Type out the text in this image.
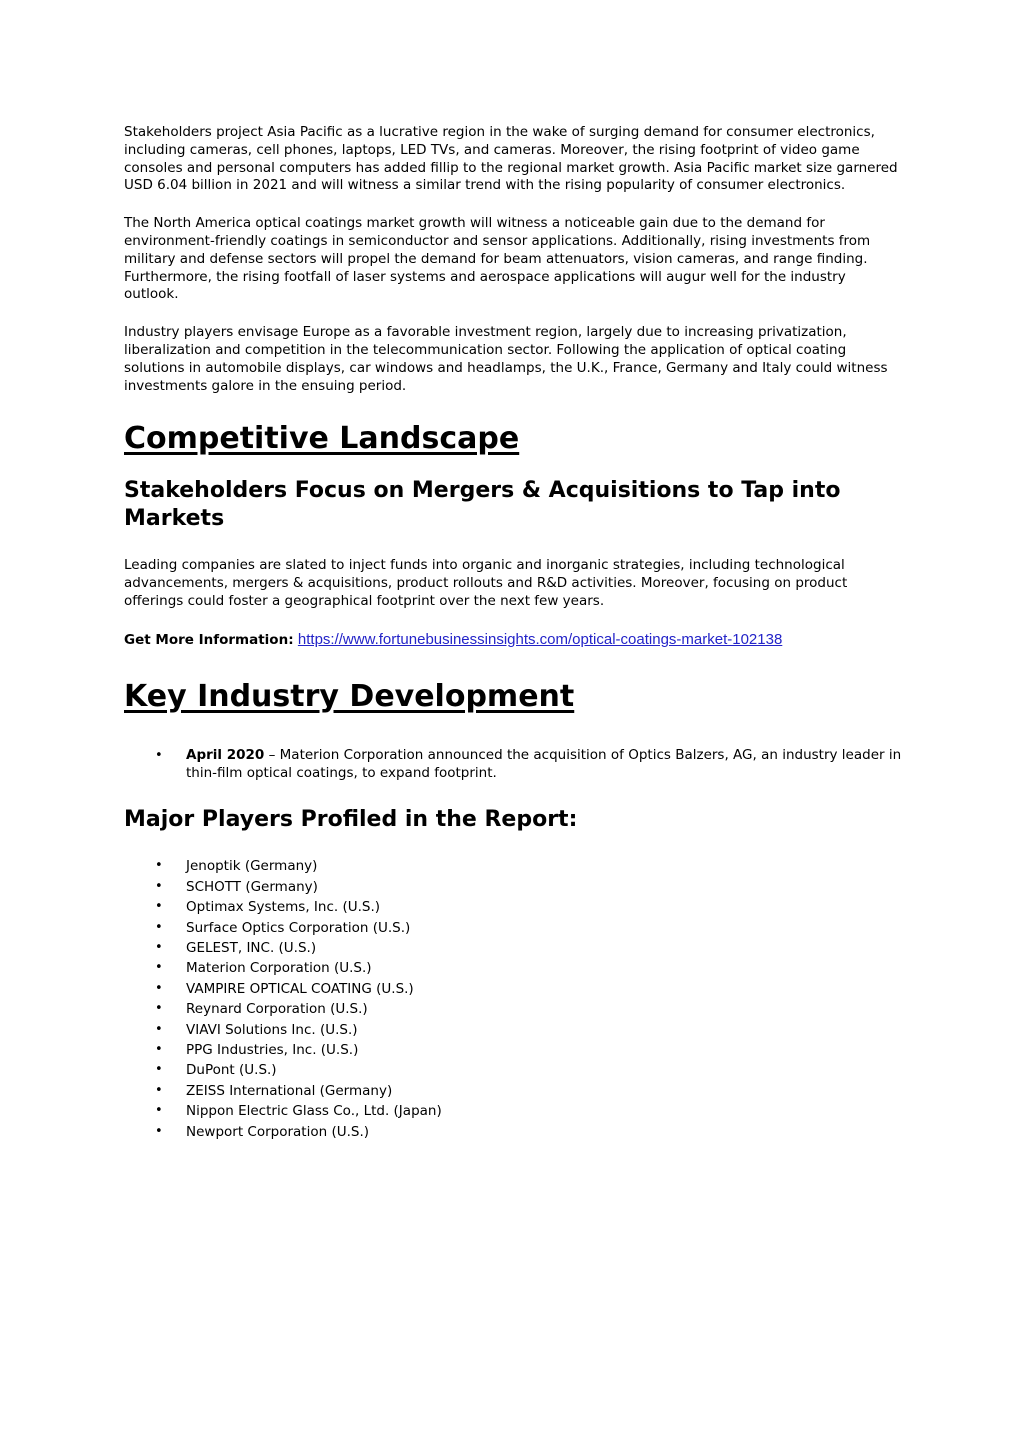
Stakeholders project Asia Pacific as a lucrative region in the wake of surging demand for consumer electronics, including cameras, cell phones, laptops, LED TVs, and cameras. Moreover, the rising footprint of video game consoles and personal computers has added fillip to the regional market growth. Asia Pacific market size garnered USD 6.04 billion in 2021 and will witness a similar trend with the rising popularity of consumer electronics.

The North America optical coatings market growth will witness a noticeable gain due to the demand for environment-friendly coatings in semiconductor and sensor applications. Additionally, rising investments from military and defense sectors will propel the demand for beam attenuators, vision cameras, and range finding. Furthermore, the rising footfall of laser systems and aerospace applications will augur well for the industry outlook.

Industry players envisage Europe as a favorable investment region, largely due to increasing privatization, liberalization and competition in the telecommunication sector. Following the application of optical coating solutions in automobile displays, car windows and headlamps, the U.K., France, Germany and Italy could witness investments galore in the ensuing period.

Competitive Landscape
Stakeholders Focus on Mergers & Acquisitions to Tap into Markets

Leading companies are slated to inject funds into organic and inorganic strategies, including technological advancements, mergers & acquisitions, product rollouts and R&D activities. Moreover, focusing on product offerings could foster a geographical footprint over the next few years.

Get More Information: https://www.fortunebusinessinsights.com/optical-coatings-market-102138

Key Industry Development
• April 2020 – Materion Corporation announced the acquisition of Optics Balzers, AG, an industry leader in thin-film optical coatings, to expand footprint.
Major Players Profiled in the Report:
• Jenoptik (Germany)
• SCHOTT (Germany)
• Optimax Systems, Inc. (U.S.)
• Surface Optics Corporation (U.S.)
• GELEST, INC. (U.S.)
• Materion Corporation (U.S.)
• VAMPIRE OPTICAL COATING (U.S.)
• Reynard Corporation (U.S.)
• VIAVI Solutions Inc. (U.S.)
• PPG Industries, Inc. (U.S.)
• DuPont (U.S.)
• ZEISS International (Germany)
• Nippon Electric Glass Co., Ltd. (Japan)
• Newport Corporation (U.S.)
